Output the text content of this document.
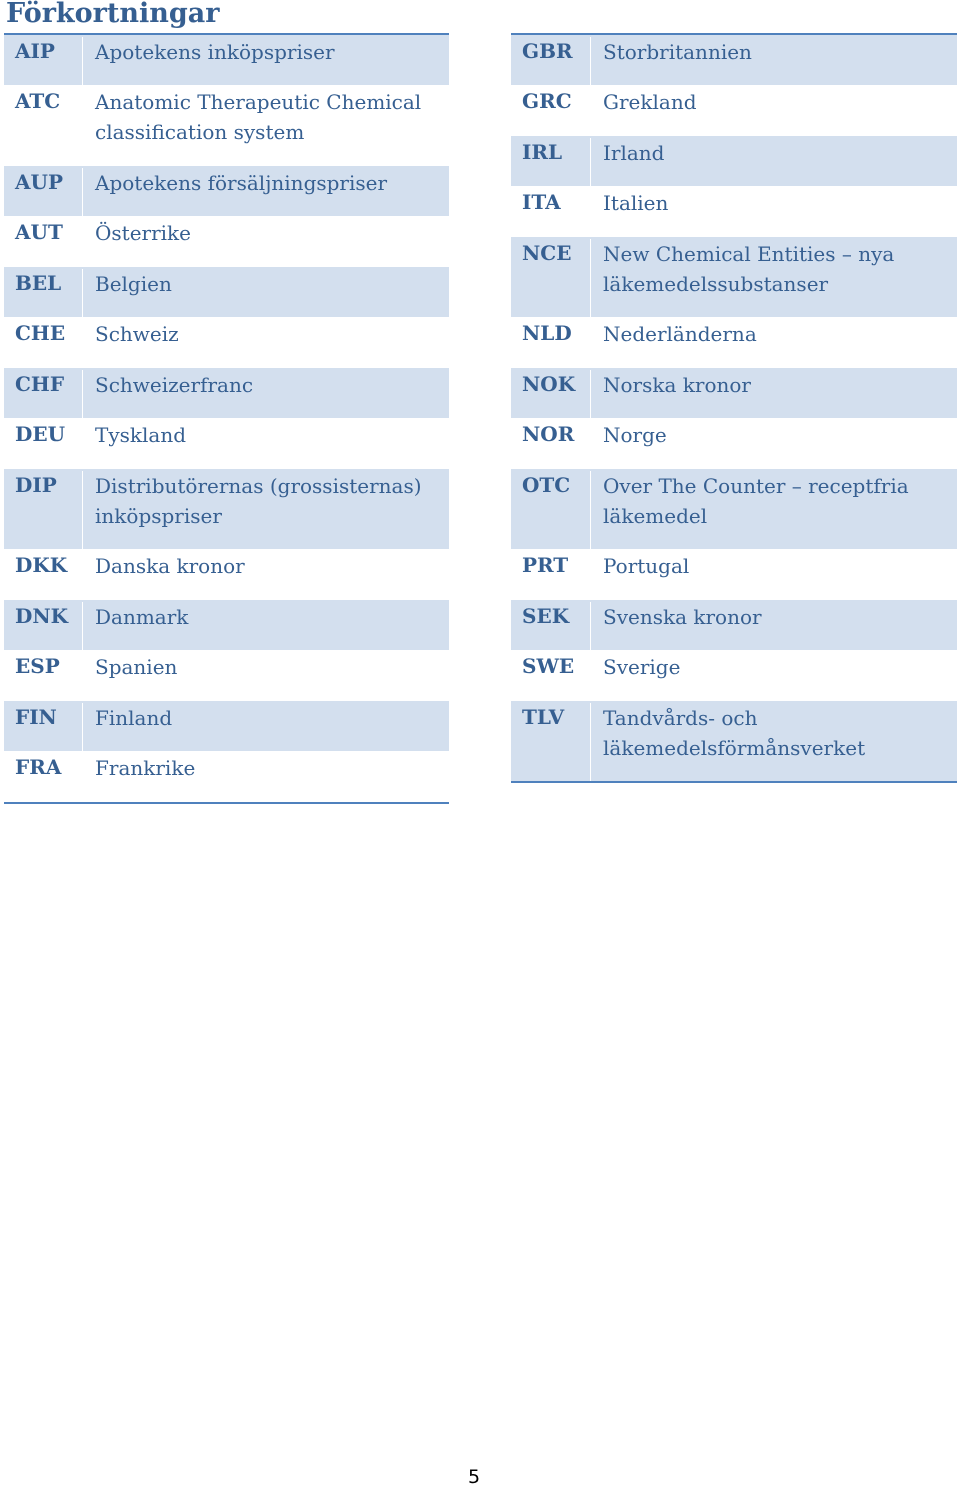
Förkortningar
AIP	Apotekens inköpspriser
ATC	Anatomic Therapeutic Chemical classification system
AUP	Apotekens försäljningspriser
AUT	Österrike
BEL	Belgien
CHE	Schweiz
CHF	Schweizerfranc
DEU	Tyskland
DIP	Distributörernas (grossisternas) inköpspriser
DKK	Danska kronor
DNK	Danmark
ESP	Spanien
FIN	Finland
FRA	Frankrike
GBR	Storbritannien
GRC	Grekland
IRL	Irland
ITA	Italien
NCE	New Chemical Entities – nya läkemedelssubstanser
NLD	Nederländerna
NOK	Norska kronor
NOR	Norge
OTC	Over The Counter – receptfria läkemedel
PRT	Portugal
SEK	Svenska kronor
SWE	Sverige
TLV	Tandvårds- och läkemedelsförmånsverket
5
